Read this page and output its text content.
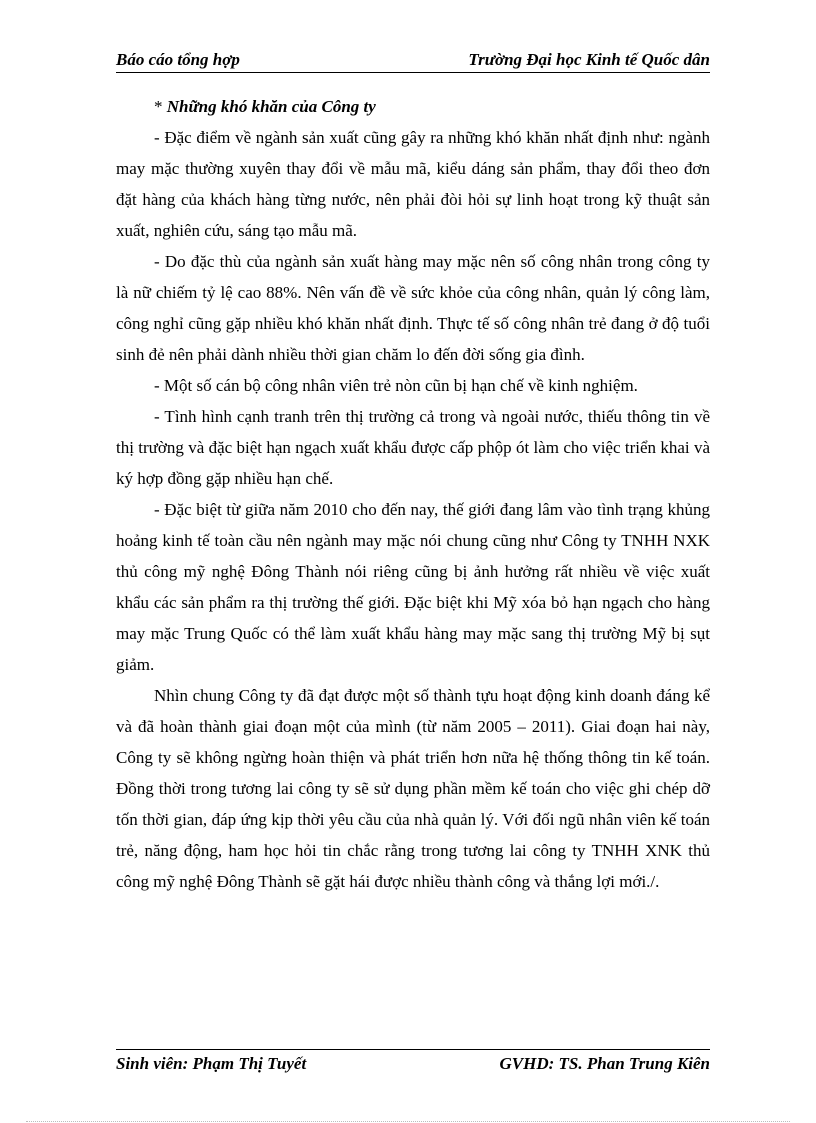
Báo cáo tổng hợp	Trường Đại học Kinh tế Quốc dân

* Những khó khăn của Công ty

- Đặc điểm về ngành sản xuất cũng gây ra những khó khăn nhất định như: ngành may mặc thường xuyên thay đổi về mẫu mã, kiểu dáng sản phẩm, thay đổi theo đơn đặt hàng của khách hàng từng nước, nên phải đòi hỏi sự linh hoạt trong kỹ thuật sản xuất, nghiên cứu, sáng tạo mẫu mã.

- Do đặc thù của ngành sản xuất hàng may mặc nên số công nhân trong công ty là nữ chiếm tỷ lệ cao 88%. Nên vấn đề về sức khỏe của công nhân, quản lý công làm, công nghỉ cũng gặp nhiều khó khăn nhất định. Thực tế số công nhân trẻ đang ở độ tuổi sinh đẻ nên phải dành nhiều thời gian chăm lo đến đời sống gia đình.

- Một số cán bộ công nhân viên trẻ nòn cũn bị hạn chế về kinh nghiệm.

- Tình hình cạnh tranh trên thị trường cả trong và ngoài nước, thiếu thông tin về thị trường và đặc biệt hạn ngạch xuất khẩu được cấp phộp ót làm cho việc triển khai và ký hợp đồng gặp nhiều hạn chế.

- Đặc biệt từ giữa năm 2010 cho đến nay, thế giới đang lâm vào tình trạng khủng hoảng kinh tế toàn cầu nên ngành may mặc nói chung cũng như Công ty TNHH NXK thủ công mỹ nghệ Đông Thành nói riêng cũng bị ảnh hưởng rất nhiều về việc xuất khẩu các sản phẩm ra thị trường thế giới. Đặc biệt khi Mỹ xóa bỏ hạn ngạch cho hàng may mặc Trung Quốc có thể làm xuất khẩu hàng may mặc sang thị trường Mỹ bị sụt giảm.

Nhìn chung Công ty đã đạt được một số thành tựu hoạt động kinh doanh đáng kể và đã hoàn thành giai đoạn một của mình (từ năm 2005 – 2011). Giai đoạn hai này, Công ty sẽ không ngừng hoàn thiện và phát triển hơn nữa hệ thống thông tin kế toán. Đồng thời trong tương lai công ty sẽ sử dụng phần mềm kế toán cho việc ghi chép dỡ tốn thời gian, đáp ứng kịp thời yêu cầu của nhà quản lý. Với đối ngũ nhân viên kế toán trẻ, năng động, ham học hỏi tin chắc rằng trong tương lai công ty TNHH XNK thủ công mỹ nghệ Đông Thành sẽ gặt hái được nhiều thành công và thắng lợi mới./.

Sinh viên: Phạm Thị Tuyết	GVHD: TS. Phan Trung Kiên
